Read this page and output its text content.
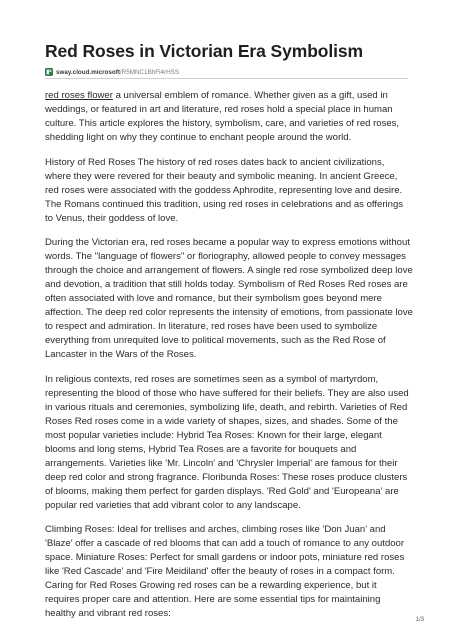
Red Roses in Victorian Era Symbolism
sway.cloud.microsoft /R5MNC1BhFl4rHSS

red roses flower a universal emblem of romance. Whether given as a gift, used in weddings, or featured in art and literature, red roses hold a special place in human culture. This article explores the history, symbolism, care, and varieties of red roses, shedding light on why they continue to enchant people around the world.

History of Red Roses The history of red roses dates back to ancient civilizations, where they were revered for their beauty and symbolic meaning. In ancient Greece, red roses were associated with the goddess Aphrodite, representing love and desire. The Romans continued this tradition, using red roses in celebrations and as offerings to Venus, their goddess of love.

During the Victorian era, red roses became a popular way to express emotions without words. The "language of flowers" or floriography, allowed people to convey messages through the choice and arrangement of flowers. A single red rose symbolized deep love and devotion, a tradition that still holds today. Symbolism of Red Roses Red roses are often associated with love and romance, but their symbolism goes beyond mere affection. The deep red color represents the intensity of emotions, from passionate love to respect and admiration. In literature, red roses have been used to symbolize everything from unrequited love to political movements, such as the Red Rose of Lancaster in the Wars of the Roses.

In religious contexts, red roses are sometimes seen as a symbol of martyrdom, representing the blood of those who have suffered for their beliefs. They are also used in various rituals and ceremonies, symbolizing life, death, and rebirth. Varieties of Red Roses Red roses come in a wide variety of shapes, sizes, and shades. Some of the most popular varieties include: Hybrid Tea Roses: Known for their large, elegant blooms and long stems, Hybrid Tea Roses are a favorite for bouquets and arrangements. Varieties like 'Mr. Lincoln' and 'Chrysler Imperial' are famous for their deep red color and strong fragrance. Floribunda Roses: These roses produce clusters of blooms, making them perfect for garden displays. 'Red Gold' and 'Europeana' are popular red varieties that add vibrant color to any landscape.

Climbing Roses: Ideal for trellises and arches, climbing roses like 'Don Juan' and 'Blaze' offer a cascade of red blooms that can add a touch of romance to any outdoor space. Miniature Roses: Perfect for small gardens or indoor pots, miniature red roses like 'Red Cascade' and 'Fire Meidiland' offer the beauty of roses in a compact form. Caring for Red Roses Growing red roses can be a rewarding experience, but it requires proper care and attention. Here are some essential tips for maintaining healthy and vibrant red roses:

1/3
